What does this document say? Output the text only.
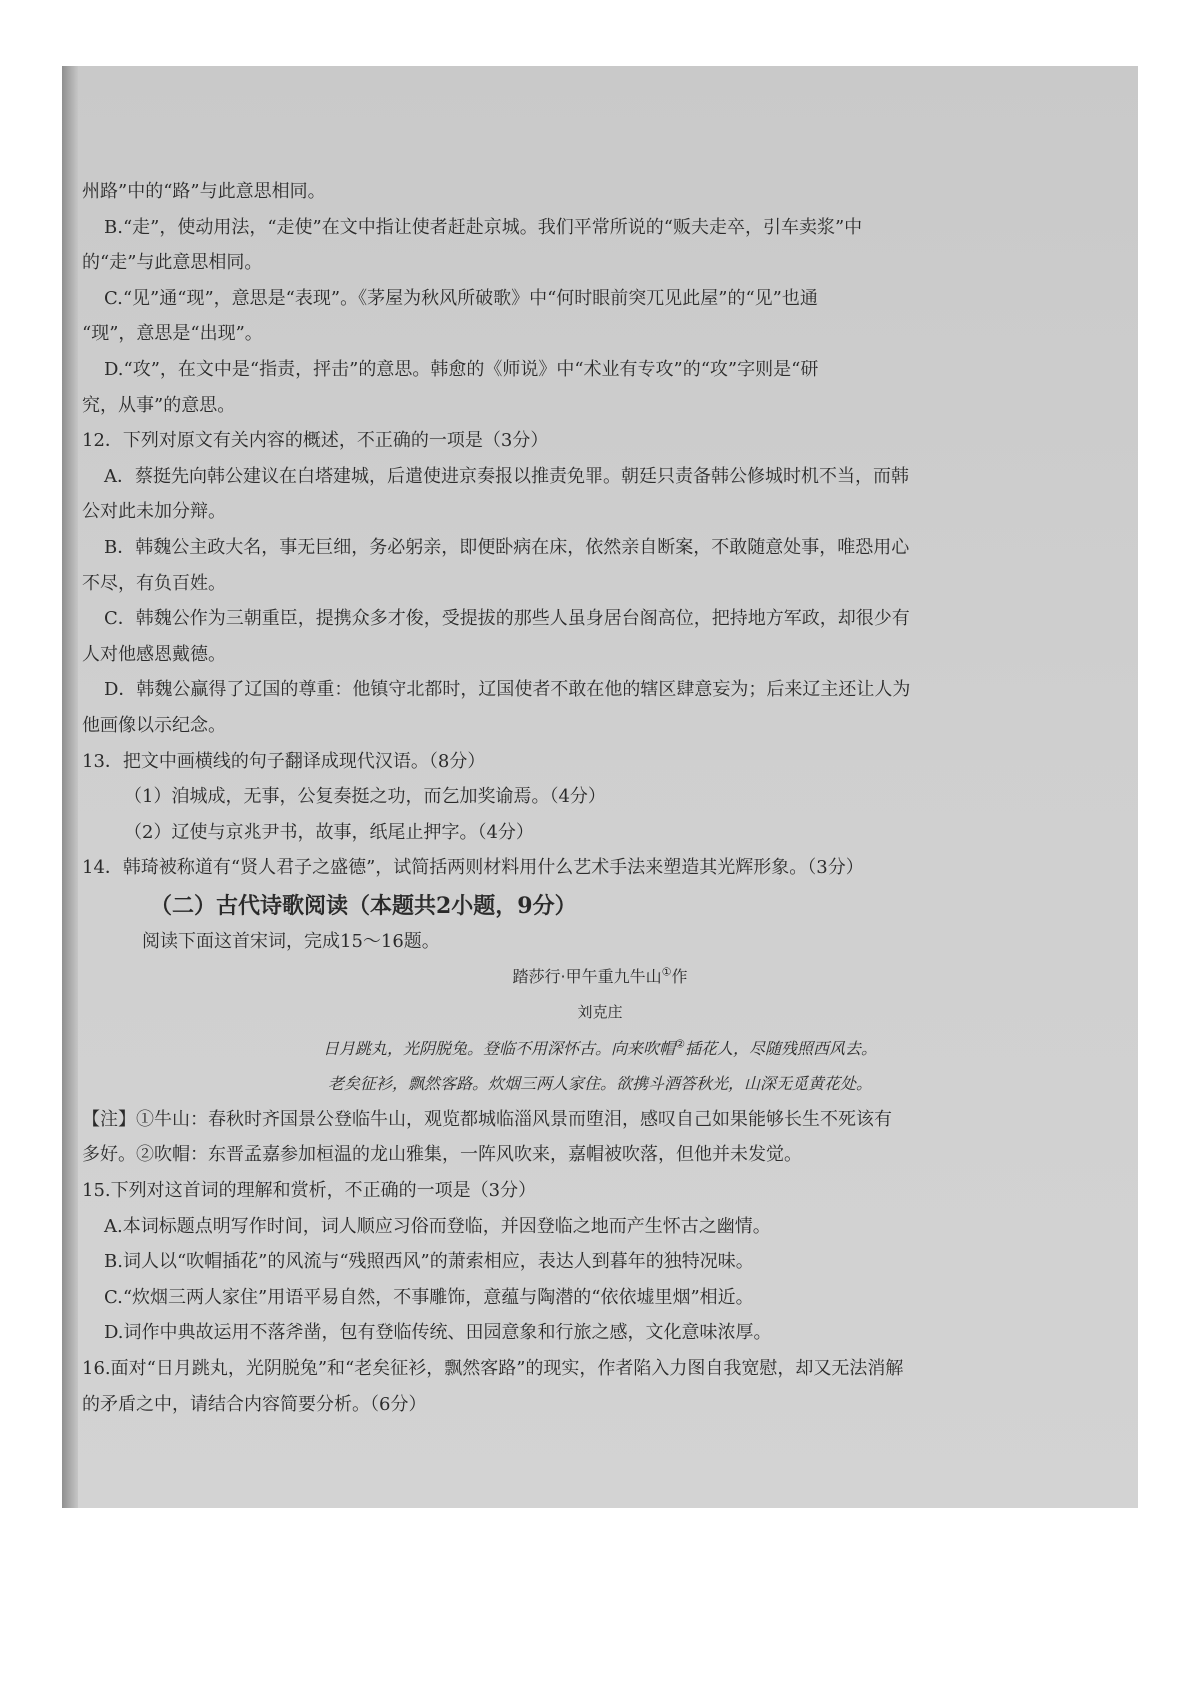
州路”中的“路”与此意思相同。
B.“走”，使动用法，“走使”在文中指让使者赶赴京城。我们平常所说的“贩夫走卒，引车卖浆”中
的“走”与此意思相同。
C.“见”通“现”，意思是“表现”。《茅屋为秋风所破歌》中“何时眼前突兀见此屋”的“见”也通
“现”，意思是“出现”。
D.“攻”，在文中是“指责，抨击”的意思。韩愈的《师说》中“术业有专攻”的“攻”字则是“研
究，从事”的意思。
12．下列对原文有关内容的概述，不正确的一项是（3分）
A．蔡挺先向韩公建议在白塔建城，后遣使进京奏报以推责免罪。朝廷只责备韩公修城时机不当，而韩
公对此未加分辩。
B．韩魏公主政大名，事无巨细，务必躬亲，即便卧病在床，依然亲自断案，不敢随意处事，唯恐用心
不尽，有负百姓。
C．韩魏公作为三朝重臣，提携众多才俊，受提拔的那些人虽身居台阁高位，把持地方军政，却很少有
人对他感恩戴德。
D．韩魏公赢得了辽国的尊重：他镇守北都时，辽国使者不敢在他的辖区肆意妄为；后来辽主还让人为
他画像以示纪念。
13．把文中画横线的句子翻译成现代汉语。（8分）
（1）洎城成，无事，公复奏挺之功，而乞加奖谕焉。（4分）
（2）辽使与京兆尹书，故事，纸尾止押字。（4分）
14．韩琦被称道有“贤人君子之盛德”，试简括两则材料用什么艺术手法来塑造其光辉形象。（3分）
（二）古代诗歌阅读（本题共2小题，9分）
阅读下面这首宋词，完成15～16题。
踏莎行·甲午重九牛山①作
刘克庄
日月跳丸，光阴脱兔。登临不用深怀古。向来吹帽②插花人，尽随残照西风去。
老矣征衫，飘然客路。炊烟三两人家住。欲携斗酒答秋光，山深无觅黄花处。
【注】①牛山：春秋时齐国景公登临牛山，观览都城临淄风景而堕泪，感叹自己如果能够长生不死该有
多好。②吹帽：东晋孟嘉参加桓温的龙山雅集，一阵风吹来，嘉帽被吹落，但他并未发觉。
15.下列对这首词的理解和赏析，不正确的一项是（3分）
A.本词标题点明写作时间，词人顺应习俗而登临，并因登临之地而产生怀古之幽情。
B.词人以“吹帽插花”的风流与“残照西风”的萧索相应，表达人到暮年的独特况味。
C.“炊烟三两人家住”用语平易自然，不事雕饰，意蕴与陶潜的“依依墟里烟”相近。
D.词作中典故运用不落斧凿，包有登临传统、田园意象和行旅之感，文化意味浓厚。
16.面对“日月跳丸，光阴脱兔”和“老矣征衫，飘然客路”的现实，作者陷入力图自我宽慰，却又无法消解
的矛盾之中，请结合内容简要分析。（6分）
